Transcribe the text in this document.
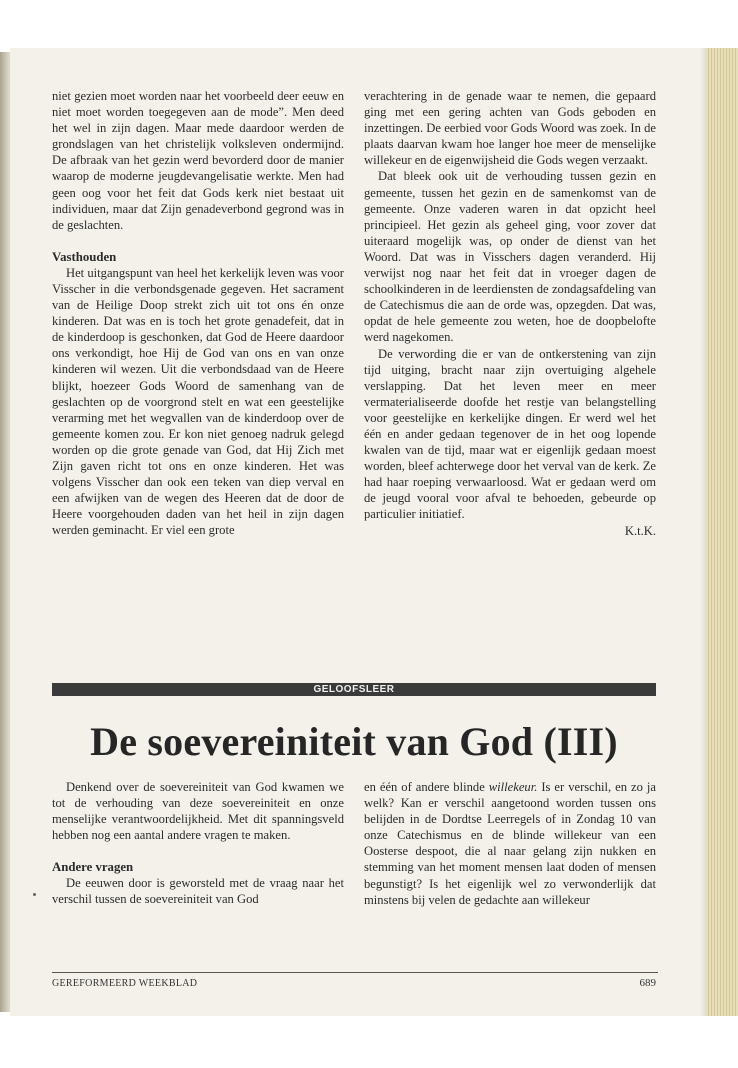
niet gezien moet worden naar het voorbeeld deer eeuw en niet moet worden toegegeven aan de mode”. Men deed het wel in zijn dagen. Maar mede daardoor werden de grondslagen van het christelijk volksleven ondermijnd. De afbraak van het gezin werd bevorderd door de manier waarop de moderne jeugdevangelisatie werkte. Men had geen oog voor het feit dat Gods kerk niet bestaat uit individuen, maar dat Zijn genadeverbond gegrond was in de geslachten.

Vasthouden

Het uitgangspunt van heel het kerkelijk leven was voor Visscher in die verbondsgenade gegeven. Het sacrament van de Heilige Doop strekt zich uit tot ons én onze kinderen. Dat was en is toch het grote genadefeit, dat in de kinderdoop is geschonken, dat God de Heere daardoor ons verkondigt, hoe Hij de God van ons en van onze kinderen wil wezen. Uit die verbondsdaad van de Heere blijkt, hoezeer Gods Woord de samenhang van de geslachten op de voorgrond stelt en wat een geestelijke verarming met het wegvallen van de kinderdoop over de gemeente komen zou. Er kon niet genoeg nadruk gelegd worden op die grote genade van God, dat Hij Zich met Zijn gaven richt tot ons en onze kinderen. Het was volgens Visscher dan ook een teken van diep verval en een afwijken van de wegen des Heeren dat de door de Heere voorgehouden daden van het heil in zijn dagen werden geminacht. Er viel een grote

verachtering in de genade waar te nemen, die gepaard ging met een gering achten van Gods geboden en inzettingen. De eerbied voor Gods Woord was zoek. In de plaats daarvan kwam hoe langer hoe meer de menselijke willekeur en de eigenwijsheid die Gods wegen verzaakt.

Dat bleek ook uit de verhouding tussen gezin en gemeente, tussen het gezin en de samenkomst van de gemeente. Onze vaderen waren in dat opzicht heel principieel. Het gezin als geheel ging, voor zover dat uiteraard mogelijk was, op onder de dienst van het Woord. Dat was in Visschers dagen veranderd. Hij verwijst nog naar het feit dat in vroeger dagen de schoolkinderen in de leerdiensten de zondagsafdeling van de Catechismus die aan de orde was, opzegden. Dat was, opdat de hele gemeente zou weten, hoe de doopbelofte werd nagekomen.

De verwording die er van de ontkerstening van zijn tijd uitging, bracht naar zijn overtuiging algehele verslapping. Dat het leven meer en meer vermaterialiseerde doofde het restje van belangstelling voor geestelijke en kerkelijke dingen. Er werd wel het één en ander gedaan tegenover de in het oog lopende kwalen van de tijd, maar wat er eigenlijk gedaan moest worden, bleef achterwege door het verval van de kerk. Ze had haar roeping verwaarloosd. Wat er gedaan werd om de jeugd vooral voor afval te behoeden, gebeurde op particulier initiatief.

K.t.K.

GELOOFSLEER
De soevereiniteit van God (III)

Denkend over de soevereiniteit van God kwamen we tot de verhouding van deze soevereiniteit en onze menselijke verantwoordelijkheid. Met dit spanningsveld hebben nog een aantal andere vragen te maken.

Andere vragen

De eeuwen door is geworsteld met de vraag naar het verschil tussen de soevereiniteit van God

en één of andere blinde willekeur. Is er verschil, en zo ja welk? Kan er verschil aangetoond worden tussen ons belijden in de Dordtse Leerregels of in Zondag 10 van onze Catechismus en de blinde willekeur van een Oosterse despoot, die al naar gelang zijn nukken en stemming van het moment mensen laat doden of mensen begunstigt? Is het eigenlijk wel zo verwonderlijk dat minstens bij velen de gedachte aan willekeur

GEREFORMEERD WEEKBLAD	689
